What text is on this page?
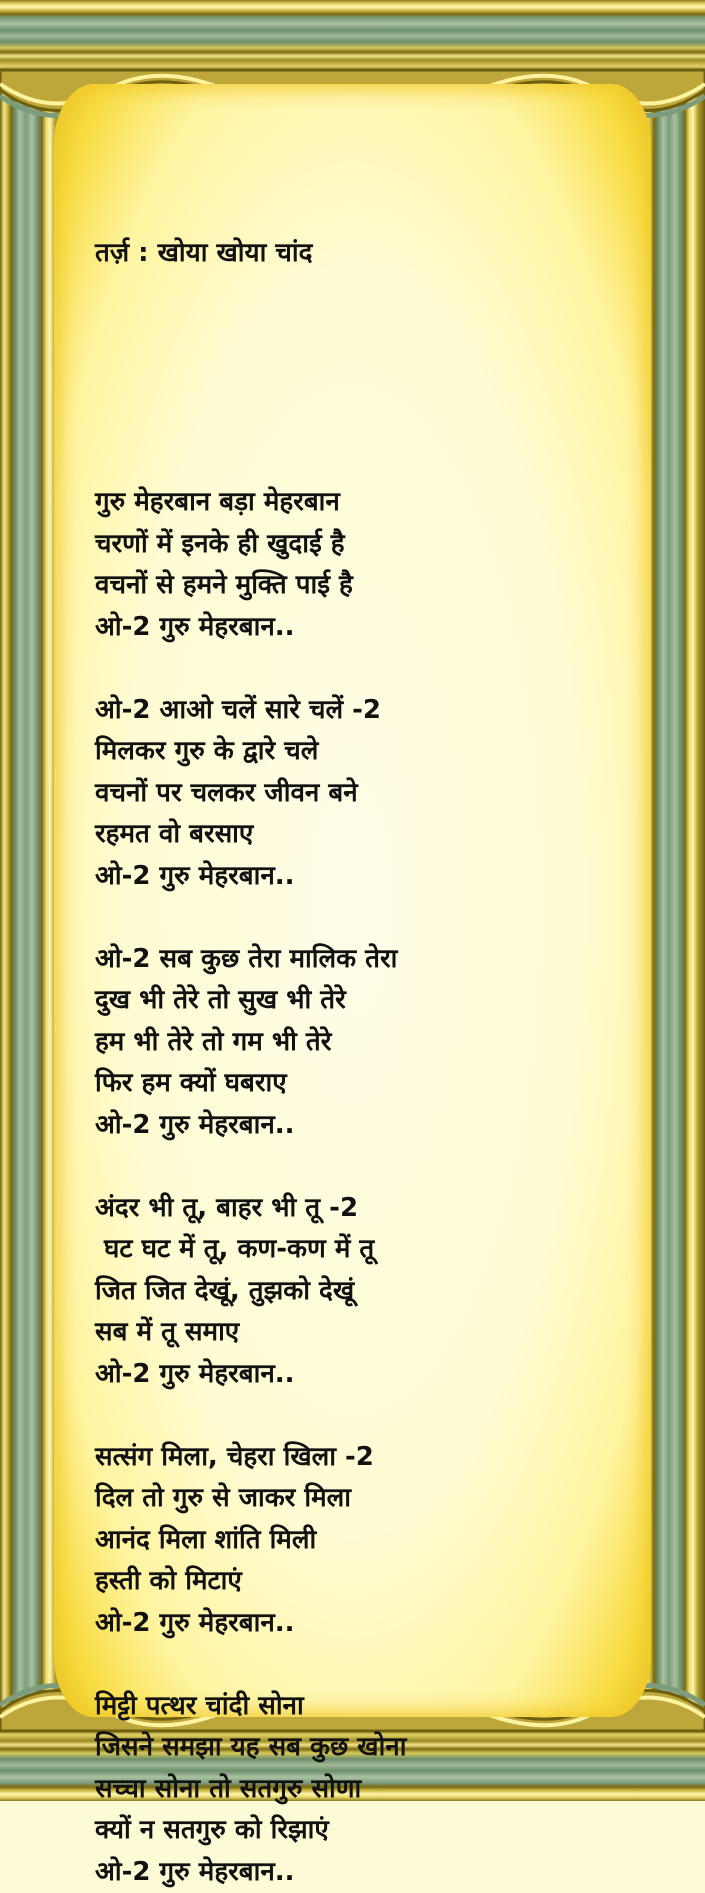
तर्ज़ : खोया खोया चांद

गुरु मेहरबान बड़ा मेहरबान
चरणों में इनके ही खुदाई है
वचनों से हमने मुक्ति पाई है
ओ-2 गुरु मेहरबान..
ओ-2 आओ चलें सारे चलें -2
मिलकर गुरु के द्वारे चले
वचनों पर चलकर जीवन बने
रहमत वो बरसाए
ओ-2 गुरु मेहरबान..
ओ-2 सब कुछ तेरा मालिक तेरा
दुख भी तेरे तो सुख भी तेरे
हम भी तेरे तो गम भी तेरे
फिर हम क्यों घबराए
ओ-2 गुरु मेहरबान..
अंदर भी तू, बाहर भी तू -2
घट घट में तू, कण-कण में तू
जित जित देखूं, तुझको देखूं
सब में तू समाए
ओ-2 गुरु मेहरबान..
सत्संग मिला, चेहरा खिला -2
दिल तो गुरु से जाकर मिला
आनंद मिला शांति मिली
हस्ती को मिटाएं
ओ-2 गुरु मेहरबान..
मिट्टी पत्थर चांदी सोना
जिसने समझा यह सब कुछ खोना
सच्चा सोना तो सतगुरु सोणा
क्यों न सतगुरु को रिझाएं
ओ-2 गुरु मेहरबान..
